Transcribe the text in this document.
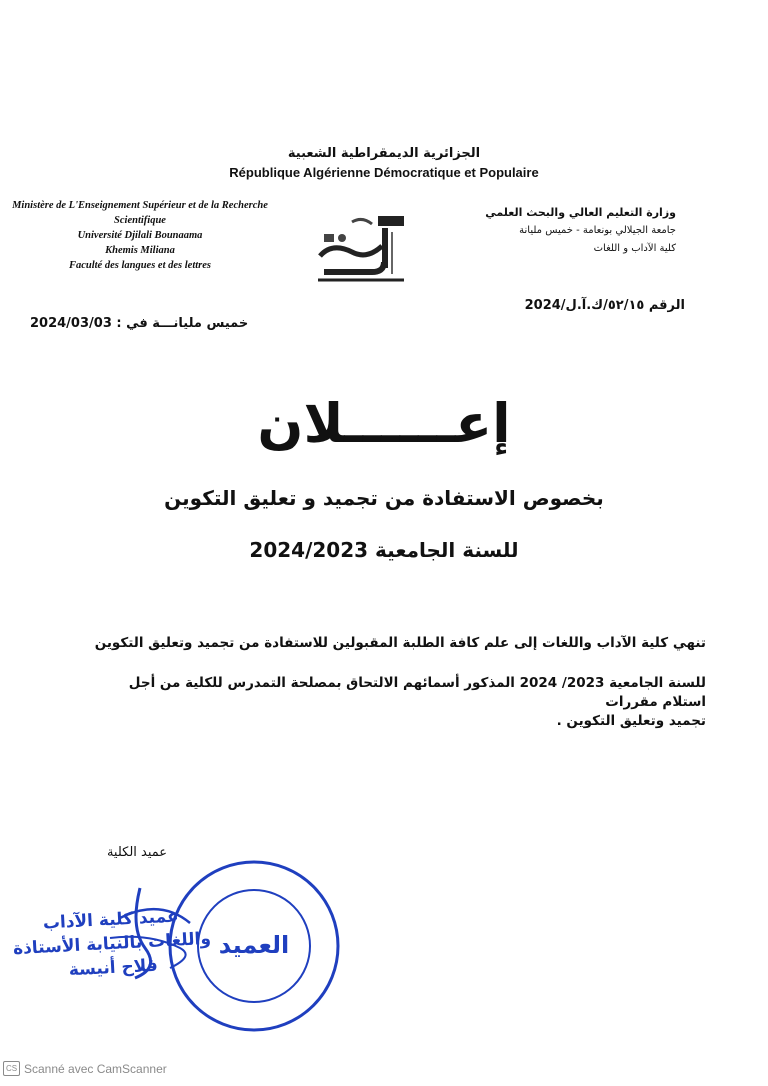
الجزائرية الديمقراطية الشعبية
République Algérienne Démocratique et Populaire
Ministère de L'Enseignement Supérieur et de la Recherche
Scientifique
Université Djilali Bounaama
Khemis Miliana
Faculté des langues et des lettres
وزارة التعليم العالي والبحث العلمي
جامعة الجيلالي بونعامة - خميس مليانة
كلية الآداب و اللغات
الرقم ٥٢/١٥/ك.آ.ل/2024
خميس مليانـــة في : 2024/03/03
إعــــــلان
بخصوص الاستفادة من تجميد و تعليق التكوين
للسنة الجامعية 2024/2023

تنهي كلية الآداب واللغات إلى علم كافة الطلبة المقبولين للاستفادة من تجميد وتعليق التكوين

للسنة الجامعية 2023/ 2024 المذكور أسمائهم الالتحاق بمصلحة التمدرس للكلية من أجل استلام مقررات

تجميد وتعليق التكوين .

عميد الكلية
العميد
عميد كلية الآداب واللغات بالنيابة الأستاذة فلاح أنيسة
CS Scanné avec CamScanner
